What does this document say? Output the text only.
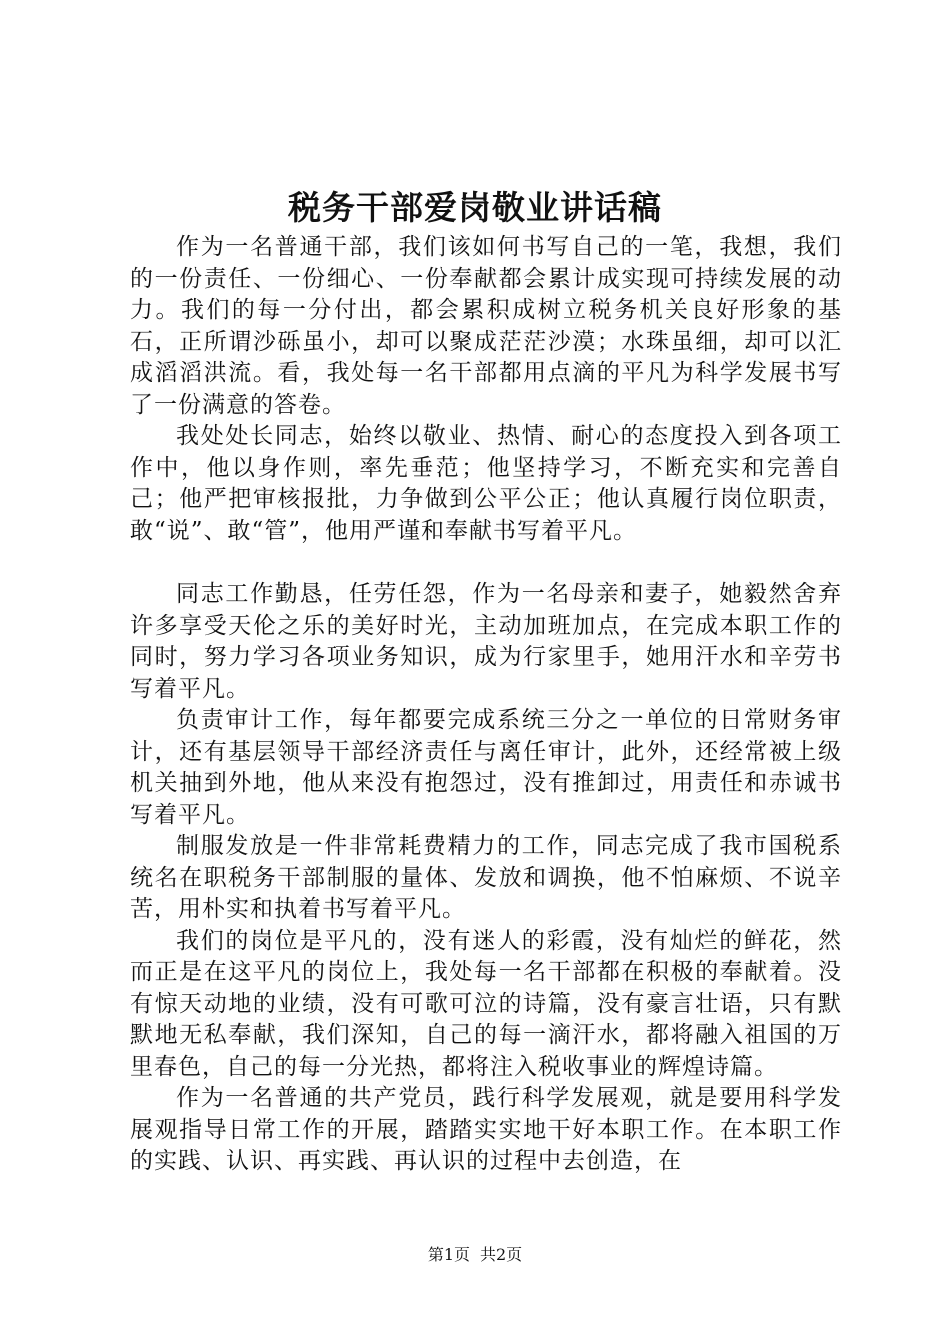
税务干部爱岗敬业讲话稿

作为一名普通干部，我们该如何书写自己的一笔，我想，我们的一份责任、一份细心、一份奉献都会累计成实现可持续发展的动力。我们的每一分付出，都会累积成树立税务机关良好形象的基石，正所谓沙砾虽小，却可以聚成茫茫沙漠；水珠虽细，却可以汇成滔滔洪流。看，我处每一名干部都用点滴的平凡为科学发展书写了一份满意的答卷。

我处处长同志，始终以敬业、热情、耐心的态度投入到各项工作中，他以身作则，率先垂范；他坚持学习，不断充实和完善自己；他严把审核报批，力争做到公平公正；他认真履行岗位职责，敢“说”、敢“管”，他用严谨和奉献书写着平凡。

同志工作勤恳，任劳任怨，作为一名母亲和妻子，她毅然舍弃许多享受天伦之乐的美好时光，主动加班加点，在完成本职工作的同时，努力学习各项业务知识，成为行家里手，她用汗水和辛劳书写着平凡。

负责审计工作，每年都要完成系统三分之一单位的日常财务审计，还有基层领导干部经济责任与离任审计，此外，还经常被上级机关抽到外地，他从来没有抱怨过，没有推卸过，用责任和赤诚书写着平凡。

制服发放是一件非常耗费精力的工作，同志完成了我市国税系统名在职税务干部制服的量体、发放和调换，他不怕麻烦、不说辛苦，用朴实和执着书写着平凡。

我们的岗位是平凡的，没有迷人的彩霞，没有灿烂的鲜花，然而正是在这平凡的岗位上，我处每一名干部都在积极的奉献着。没有惊天动地的业绩，没有可歌可泣的诗篇，没有豪言壮语，只有默默地无私奉献，我们深知，自己的每一滴汗水，都将融入祖国的万里春色，自己的每一分光热，都将注入税收事业的辉煌诗篇。

作为一名普通的共产党员，践行科学发展观，就是要用科学发展观指导日常工作的开展，踏踏实实地干好本职工作。在本职工作的实践、认识、再实践、再认识的过程中去创造，在

第1页 共2页
